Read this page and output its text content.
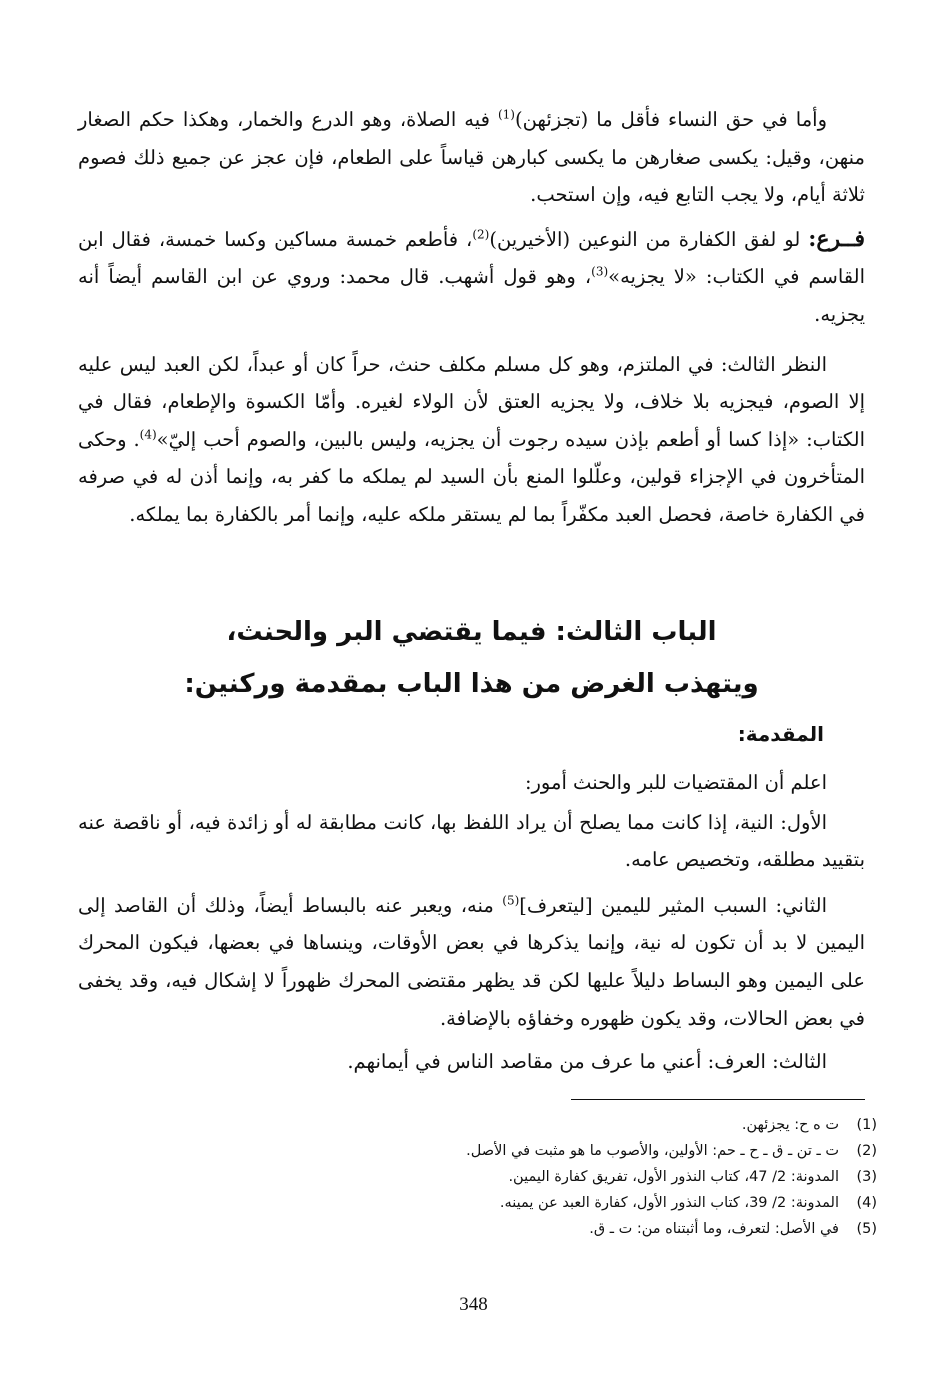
وأما في حق النساء فأقل ما (تجزئهن)$^{(1)}$ فيه الصلاة، وهو الدرع والخمار، وهكذا حكم الصغار منهن، وقيل: يكسى صغارهن ما يكسى كبارهن قياساً على الطعام، فإن عجز عن جميع ذلك فصوم ثلاثة أيام، ولا يجب التابع فيه، وإن استحب.

فــرع: لو لفق الكفارة من النوعين (الأخيرين)$^{(2)}$، فأطعم خمسة مساكين وكسا خمسة، فقال ابن القاسم في الكتاب: «لا يجزيه»$^{(3)}$، وهو قول أشهب. قال محمد: وروي عن ابن القاسم أيضاً أنه يجزيه.

النظر الثالث: في الملتزم، وهو كل مسلم مكلف حنث، حراً كان أو عبداً، لكن العبد ليس عليه إلا الصوم، فيجزيه بلا خلاف، ولا يجزيه العتق لأن الولاء لغيره. وأمّا الكسوة والإطعام، فقال في الكتاب: «إذا كسا أو أطعم بإذن سيده رجوت أن يجزيه، وليس بالبين، والصوم أحب إليّ»$^{(4)}$. وحكى المتأخرون في الإجزاء قولين، وعلّلوا المنع بأن السيد لم يملكه ما كفر به، وإنما أذن له في صرفه في الكفارة خاصة، فحصل العبد مكفّراً بما لم يستقر ملكه عليه، وإنما أمر بالكفارة بما يملكه.

الباب الثالث: فيما يقتضي البر والحنث،
ويتهذب الغرض من هذا الباب بمقدمة وركنين:
المقدمة:

اعلم أن المقتضيات للبر والحنث أمور:

الأول: النية، إذا كانت مما يصلح أن يراد اللفظ بها، كانت مطابقة له أو زائدة فيه، أو ناقصة عنه بتقييد مطلقه، وتخصيص عامه.

الثاني: السبب المثير لليمين [ليتعرف]$^{(5)}$ منه، ويعبر عنه بالبساط أيضاً، وذلك أن القاصد إلى اليمين لا بد أن تكون له نية، وإنما يذكرها في بعض الأوقات، وينساها في بعضها، فيكون المحرك على اليمين وهو البساط دليلاً عليها لكن قد يظهر مقتضى المحرك ظهوراً لا إشكال فيه، وقد يخفى في بعض الحالات، وقد يكون ظهوره وخفاؤه بالإضافة.

الثالث: العرف: أعني ما عرف من مقاصد الناس في أيمانهم.

(1)
ت ه ح: يجزئهن.
(2)
ت ـ تن ـ ق ـ ح ـ حم: الأولين، والأصوب ما هو مثبت في الأصل.
(3)
المدونة: 2/ 47، كتاب النذور الأول، تفريق كفارة اليمين.
(4)
المدونة: 2/ 39، كتاب النذور الأول، كفارة العبد عن يمينه.
(5)
في الأصل: لتعرف، وما أثبتناه من: ت ـ ق.
348
